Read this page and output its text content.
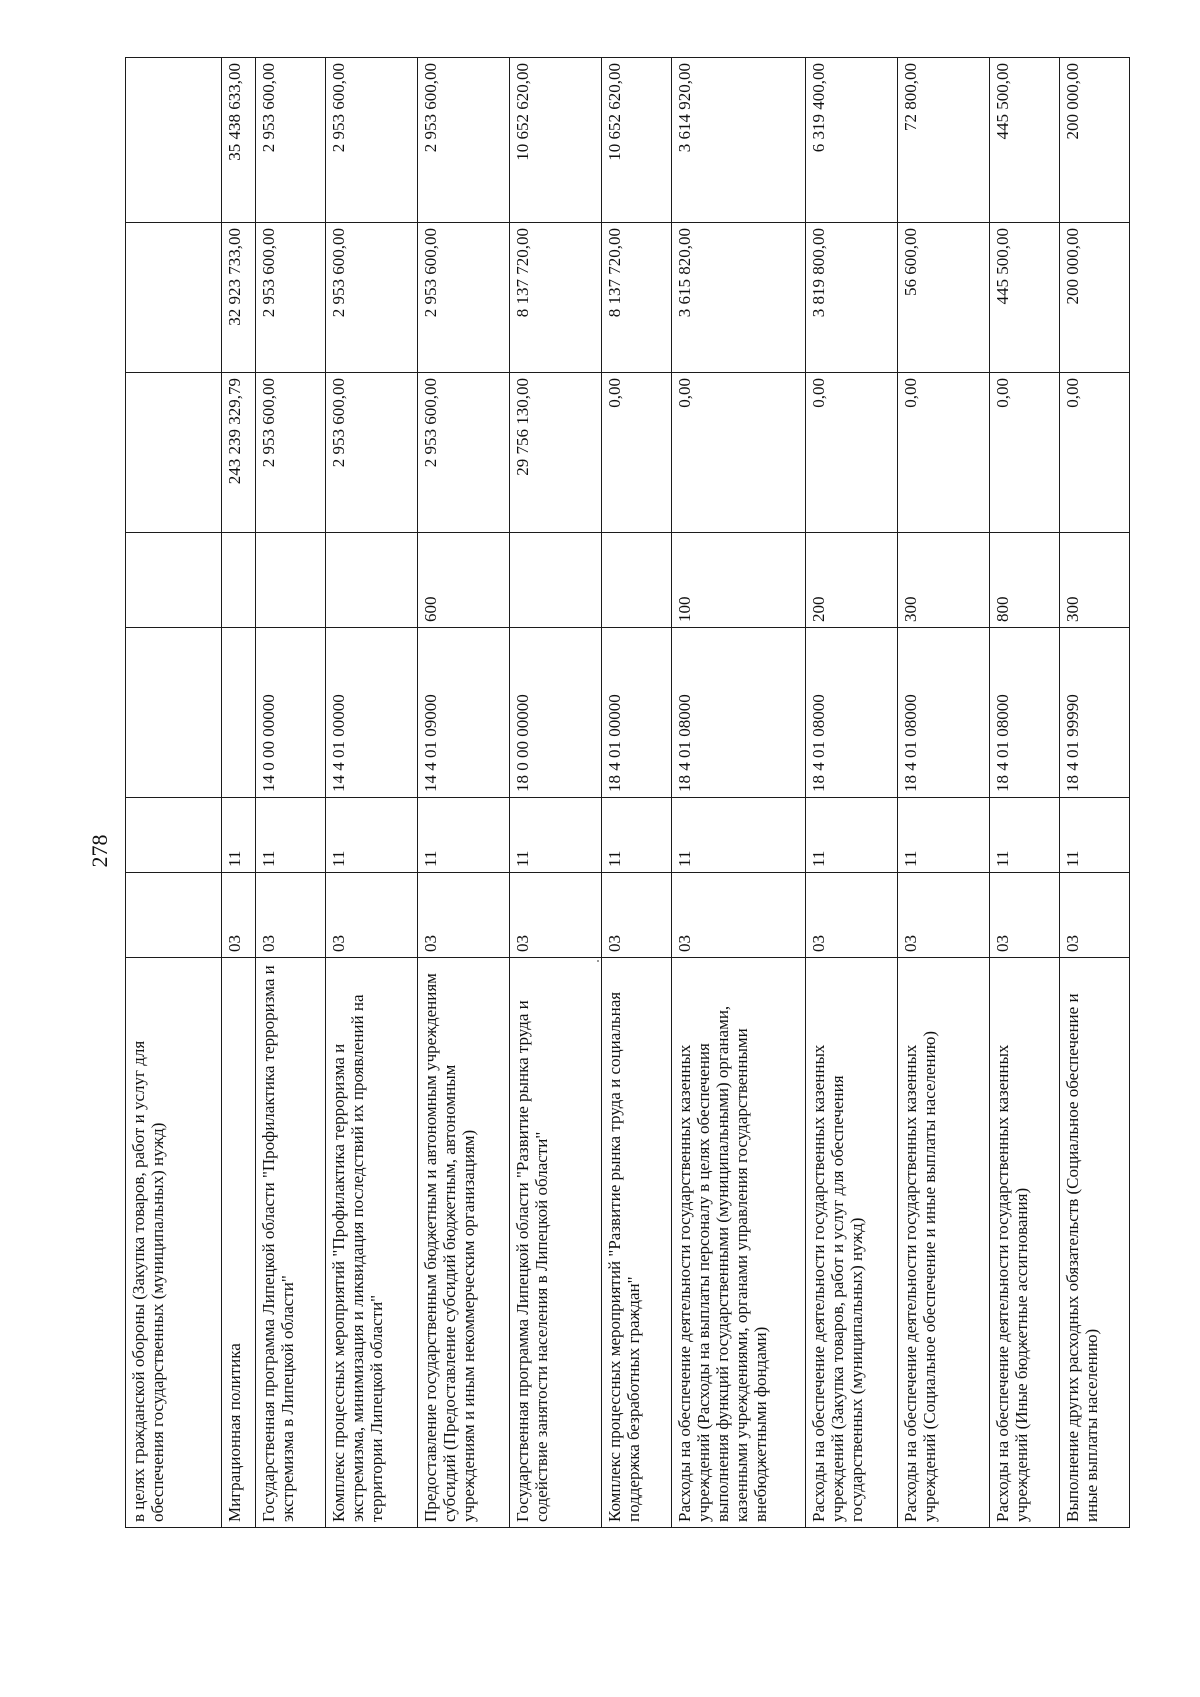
278
в целях гражданской обороны (Закупка товаров, работ и услуг для обеспечения государственных (муниципальных) нужд)							
Миграционная политика	03	11			243 239 329,79	32 923 733,00	35 438 633,00
Государственная программа Липецкой области "Профилактика терроризма и экстремизма в Липецкой области"	03	11	14 0 00 00000		2 953 600,00	2 953 600,00	2 953 600,00
Комплекс процессных мероприятий "Профилактика терроризма и экстремизма, минимизация и ликвидация последствий их проявлений на территории Липецкой области"	03	11	14 4 01 00000		2 953 600,00	2 953 600,00	2 953 600,00
Предоставление государственным бюджетным и автономным учреждениям субсидий (Предоставление субсидий бюджетным, автономным учреждениям и иным некоммерческим организациям)	03	11	14 4 01 09000	600	2 953 600,00	2 953 600,00	2 953 600,00
Государственная программа Липецкой области "Развитие рынка труда и содействие занятости населения в Липецкой области"	03	11	18 0 00 00000		29 756 130,00	8 137 720,00	10 652 620,00
Комплекс процессных мероприятий "Развитие рынка труда и социальная поддержка безработных граждан"	03	11	18 4 01 00000		0,00	8 137 720,00	10 652 620,00
Расходы на обеспечение деятельности государственных казенных учреждений (Расходы на выплаты персоналу в целях обеспечения выполнения функций государственными (муниципальными) органами, казенными учреждениями, органами управления государственными внебюджетными фондами)	03	11	18 4 01 08000	100	0,00	3 615 820,00	3 614 920,00
Расходы на обеспечение деятельности государственных казенных учреждений (Закупка товаров, работ и услуг для обеспечения государственных (муниципальных) нужд)	03	11	18 4 01 08000	200	0,00	3 819 800,00	6 319 400,00
Расходы на обеспечение деятельности государственных казенных учреждений (Социальное обеспечение и иные выплаты населению)	03	11	18 4 01 08000	300	0,00	56 600,00	72 800,00
Расходы на обеспечение деятельности государственных казенных учреждений (Иные бюджетные ассигнования)	03	11	18 4 01 08000	800	0,00	445 500,00	445 500,00
Выполнение других расходных обязательств (Социальное обеспечение и иные выплаты населению)	03	11	18 4 01 99990	300	0,00	200 000,00	200 000,00
